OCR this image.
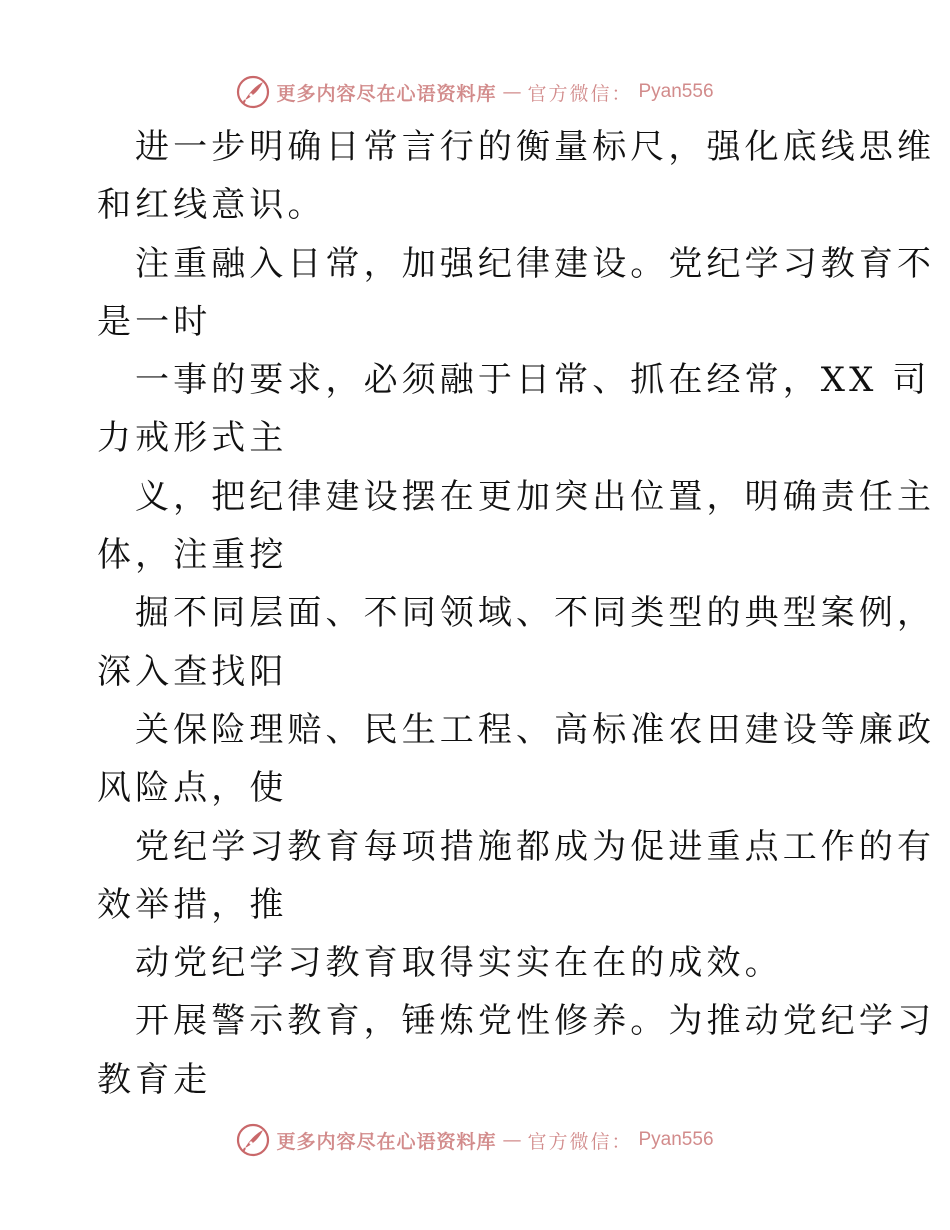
更多内容尽在心语资料库 — 官方微信： Pyan556
进一步明确日常言行的衡量标尺，强化底线思维
和红线意识。
注重融入日常，加强纪律建设。党纪学习教育不
是一时
一事的要求，必须融于日常、抓在经常，XX 司
力戒形式主
义，把纪律建设摆在更加突出位置，明确责任主
体，注重挖
掘不同层面、不同领域、不同类型的典型案例，
深入查找阳
关保险理赔、民生工程、高标准农田建设等廉政
风险点，使
党纪学习教育每项措施都成为促进重点工作的有
效举措，推
动党纪学习教育取得实实在在的成效。
开展警示教育，锤炼党性修养。为推动党纪学习
教育走
更多内容尽在心语资料库 — 官方微信： Pyan556
